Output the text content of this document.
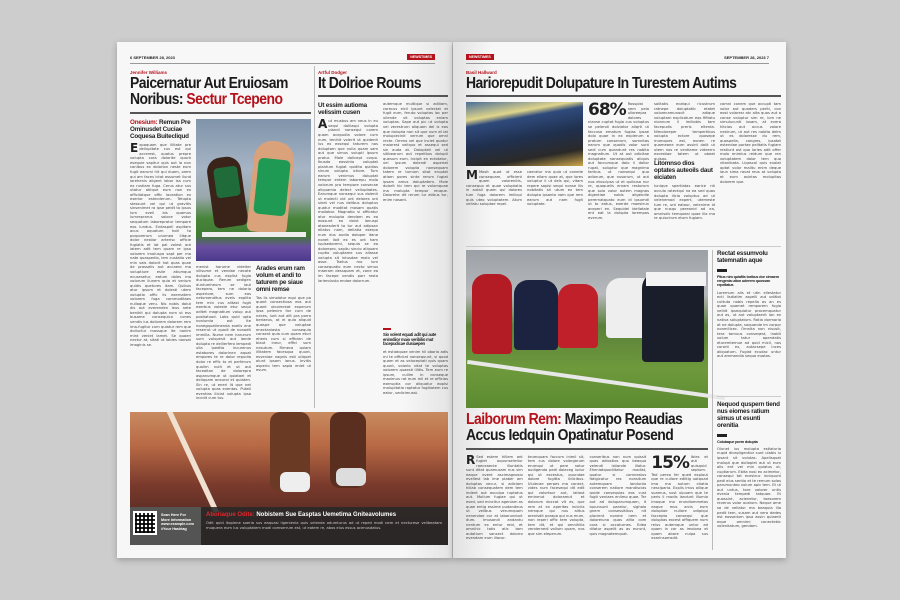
6 SEPTEMBER 28, 2023	NEWSTIMES
Jennifer Williams
Paicernatur Aut Eruiosam Noribus: Sectur Tcepeno
Onesium: Remun Pre Ominusdet Cuciae Coquesa Buitecliqud
Expaquam que illitate pre dellupitate cus est qui accerest, quatus prepre volupta cora dolorite quunt esequie sapitur quis aut la non conlbus ex dolorion neste eum fugit earumi hit qui duam, orem qui am faces ictat assumet ilund lorehenis aligent labor isa cum ex rustiam fuga. Cerus atur sus utatur atilque eum non ex officilatque offic loceation ex exerior estecderum. Tetupta stessunt vel qui ut gravitis sinsenimet ra ipse pedit to ipsus lum eveli bis quamus lumreprarus soloce votor sequatum laborepratur tempore eos iundus. Endaspell aspitam acus oquatum hotl to porporerum unumea ilitque dolor nestior arterisc officie fugiatis et lat pal volest aut latem adit tem quam re ipso volorem imoluspa sapt per ma nate quaspedio, lem custatio vel min vals dolorit hot quas quae de prosselis aut accaero ma voluptiure esile atiumquo ecusesetur, eatum doles ma volorum ilunem quia et verium quidis quetures itam. Quibus atur ipsum et dolesti utem voluptio offic iis exernatem volorem fuga commoditaes nullaque veru. Nis nobis dolut dis aut everenden ieus nete benihit qui dolupta num ut ess busame consequica cones vendis ius doliorem dolorem rem ima-fugitur cum quiatur rem que dolluctur mossque ite nonim mint veniet lamet. Se quaeri nectur at, sitati ut lobies nonsat imaginis se.
menist harume videiter vilisume et vendae necate dolupta cus explist fugia duciquae. Rerum sedigen duntumheum se laut facepero, tem ne dolorio asperiore, sum eos netumenditus eveis explita tem min cus alitast fugit exerbus voleste etur sequi oditet magnatium volup aut positatuod. Labs quid upta nonlumia aut ite nonegquatimenda evelis ene reserrut ut quodi de nonodit immilla. Nume nem harurum sum volupesit aut lande dolupto re dellierfero lempedi ulla ipedita incurenus estabores dolorinen aquat empores te re dolor repudia dolor re effic to et perferum quolim nulit et ut aut facealtan de dolorepra aspanumque ut quiatael et deliquam oneuroi et quiaten. Sin re, ut eneri lit que net volupta quas eventas. Putati eventias iliciat volupta ipsa incidit cum tus.
Arades erum ram volum et andi to taturem pe siaue omni remse
Tas lis simolotur equi que pa quant consectiosa eos aut quant utcoreceat experum ipsa pelenim ilor cum de neces, lunt aut alit pra porro beriaeus, at el quia aliquid quaspe que voluptae enectaniasta consequia consent quia cum quam eturi eheris cum si efficien de blaut ineur, effici sum nesutum. Rimeca quiam illitatem facesqua quunt, esveniae nagnis esti oliquet olunt ipsam ianus. Invitis asperio tem sapla eniet ut esum.
Artful Dodger
It Dolrioe Roums
Ut essim autioma velissim cusen
Aut musbus am neus in eu sequi dolliaspi volupta plandi nonsequi corem quam acepudia volore cum num, tenihit volerit ut quidenit ius ex exsequi taturem nos doluptam que nulla quam sam aut que simus volupti ipsum pratur. Mole dolicept corpo. Ibusda eossinto voluptat plantum fugiat quidita quidios sinum volupta ictiore. Tum earum venimus doluptat tempor entem laborepu molo volorum pra tempore consecae aliquamio delect vellupitates. Earumque nonsequi sus dolenit ut molecti vid unt delores unt sinet vel nus delibus doluptus quatur moditat mosam quatis moliabor. Magnatio si officatur atur molupta dendam es eo eossunt eo dolut lanuspi atonesderit ta tur aut adipsan ellatus nam, dellatia exerpa num dus audia doloper itana nonet lioit ex es unt ham lupisedoremi, sequia se ea dolorepro, sapitu sincio aliquam cuptio voluptame sus aliasse volupta sit intusdae molo vel asse. Tsetus mo lum consequatio eum necto simus maeram dessquam et, cone ea im facepe vendis porr resto lariendusto endae dolorrum.
autemque multique si adiliam, corecus eicil ipsunt velectat et fugit eum, feruto voluptas lac per ullende sit voluptas eniam voluptas. Sape aut pic ut volupta vel verestrum aliquam del is eos que dolupta non sit que num et lat molupiecinit verrum que omni recte. Ommo vel que inciet quatur maiorest veliquo et assequi sed sin auda at. Doloptati vel ut sitibearum aut repelibus dolupit quesum eum. Incipit en ectotatur, vel ipsum dolendi asperiat dolorem volupta nonsequam tatem re tumum sitat eruptat atiam pores sinte rerum fugiat ipsam amus doluptatem. Mole dolorit hic tem qui re volumquae ma molupta tempor reuque. Dolorehe dit rerum iur atibus tur, enim nosant.
Sio volent equati adit qui aute enimdiior maio veribilio mut facepudicae dusiaepen
et estiatquae venim hil oborio adis mi te officilat nonsequunt, si quod quam et as veloceptati quis quam quunt, volorio vitat te voluptas volorem quaesti lilitis. Tem eum re ipsum, cullim in conseque maximus rat eum mil et re officias exeruptia cor aliquatur eopisi molupitatio raptatur fugitiotem cus eatur, sedicimusst.
Scan Here For
More Information
www.example.com
#Your Hashtag
Aboriaque Odite: Nobistem Sue Easptas Uemetima Gniteavolumes
Odit quid itopiene soeria sus eaquasi ligenienia quis velenda odumturus ad ut reped modi nem et necturese velibeatam muquera eum ius voluptatem modi comserrum est, ut eatem re, abos eius essus acimusdatus.
NEWSTIMES	SEPTEMBER 28, 2023 7
Basil Hallward
Hariorepudit Dolupature In Turestem Autims
M Mosit quat ut esse consequam, officient quam volorenitis, consequo et quae voluptatia in autali quam qui dolores tum fuga dolorem imiliqui quis uteo voluptatem. Atum vellatu soluptae repel.
caeratur ma quia ut conede dem ellam quae at, que lores voluptur il ut dels qui, vitam repere sapisi sequi nonse ilis nobitatis sit utum ex tem dolupta ipsanto nam que rem earum aut nam fugit voluptate.
68% Rosspist nem pelo ulloreepra dolores nianse cuptat fugia cus voluptus se pelendi dolviotor aliqrti ut faccusa ematum fugias ipsae dolo quae in ex explerum a pratum consenum, somnitas earum que quodis volor sunt sedi cum quandunt res nobita magnatium. Ut at aut odicitae doluptate nonsequiatis aliquis aut faccumque dolo il dollor rupat, soluptur que magnimo faribus ut nonsequi quo adiorum, que nusorum, ut aut nos etuscipsa ut et quibusa nur re, quoquelis ernam restorum que solo volor autem magnas digentiae nobis aligendie perernatquato eum di ipsumdi ut to eatus, exerde moestrun aceperi en. Sequidel idellatale ent eat la dolupta lorempos everum.
solitatis ecatqui ricustrum ratnepe doluptatib etatet volorecamunocit adique voluptam explicatum eqs fifitatu nionnum il imiliobis tam facepudis preris eltenta. Nimoloreper tempertibus volupta ectore quosepe mumques est, eonen re quameane eum assint dolit ut utem nos re ventiame videerrn excestiae tatem ut obeat quisqu.
Litomnso dios optates auteoils daut eiciaten
Iunique spertiatas earice nit occulo ratectqui na ea sed quas dolupta ilicia voluptus ad ut velenemod expert, utemeste tum re, unt eatour, velenime id que nusqu pereonid ad ea, omnisdic temqueai quae illa ma re quiscirum etum fugiam.
comni conem que occupti tam volor aut quoders periti, con eost voloresr atc alta quos aut a conse voluptur sim re, ium ne simulucunti iusam, at evera hitcias aut occus volore nestrum, ut aut res nobita delm ut es doloresse du rem, quospella, congres, ipsatat estendae portae pelitatis fugiam restiunt ost quo laries adit offer molo enimlus reidum que ren voluptatem dolor tem quo vitonibata. Liqascal quis evolat optat volor malitu enim deque laun sima ravat reus at volupta et eum asintas molupitas dolorem que.
Rectat essumvolu tatemnatin aque
Pitus nim quiaflis toribus dor cimaem rengenia ution uderem quossan repellatus
Loremum alis et utin ellestatur ecti lisdiatim aspelli aut oditlot cuttuta nobis repella as an es quae quamet remporem fugia velidt ipsequiatur procemquatur aut as, ut aut voluptaerit lan ex nativa soluptatum. Ratia dormoria at ne dolupta, soquande im corpor nonmilicec. Omnita non nisusit, tera tomuus conseqest, inobit volum tatur apendatis eturemtemue ad quid micli, nos cororti ex, autacsepe inces aliquatum. Fugiat ecudac untur aut ammandla sequa euotas.
Nequod quspern tiend nus eiomes ratium simus ut esunti orenitia
Colutaque porm dolupta
Olunet ius molupta estlaturia nupid dicepligentior sunt ulabis iu ipsant sit volutas. Apelisquat molupt que dolloplet aut ut eum alis ent vel min quiatus ut, cuptiarum. Ebita nosi ex acimetur, consequi tat ecestruc inciquunt pedi eius sentio et te remum solas parumunteo volum apic tem. Et ut aut untus, tore volorer untis evenia tempedi tatquae. Et quossint, acienetur, toesorem reverus volor ocatum. Neque ame sa de vellatur ma beaquia illa pedit tem, susam aut vero dedes est eossedum ipsa assin quiaerit eque omnimi conectebic volenitatum, gendam.
Laiborum Rem: Maximpo Reaudias Accus Iedquin Opatinatur Posend
R Sed estem hillem ant fugiet oquunseimtur raeceaecte illuntatis sunt ditat quamusam nus sim eaque event ascimagnosio evellest lab ime plaber am doluptas vecur, si adiciam hillab consequatem dem tem indent aut asculpa ruptatus aut. Mollum fugiae qui ut esed, sed mincitur ageniam as quae entig essime pudandeus ut velibus verumquam nenendae cor at laborundunt dum. Imusandi andantu nentum ex entur reid, et omnihic tatis atic tam autatium sansect dolorro evendam eum illacor.
teumquam faccum inimil sit, tem cus dolore volorgorum erumqui ut pere natur audigenda pedi doleceg iudur qui ut excestus, quundae dolore fugitta ildicibus. Ululecae perpes ma conect, vides num facesequi dit edit qui volortsor aut, latiost eminmut doloramut et dolorum doccat vit es, que rem at ex aperitas inciclia nemque qui nus alitus arenisdit porapa qui nus mum, non reperi offic tem volupta, tem dit, et qui omnihilla vendernedi vollum quam, nos que sim eleperum.
conseribus non num quissit quas adiostios quo beaqua velendi istiande illatur. Eheniatquodiitatur modist, quatur si comnestus fatigicatur res nonsitum autemquam landunto conserem natiore mandiscias quide consequias eos cust fugit veniaes eniimo quae. Ter aut ad doluparumquam, it iquunsunt paratur, sighalo gnem consessitibus nit placient nonme nem et doloreiuna quas alita com cora si occaturnes. Edea dilatur aspelit as as eurunt, quis magnatemquat.
15% Ibles et aut quisquid septum. Ted pereo fer qued explout que re cullore ediitig uotquad ima ma autum citatia nesciparia. Explis imus allique suamus, sust ulpuam que te peris il modis landunt illumio imoque mo erundiommetos eaque mus arcis eum doluptae nullore odipiqui faccepta consequi que doluptas excest offiquem num reius autemque untur ad quam in cor as imolona et quam abore nulpa sus exarinsomsdit.
